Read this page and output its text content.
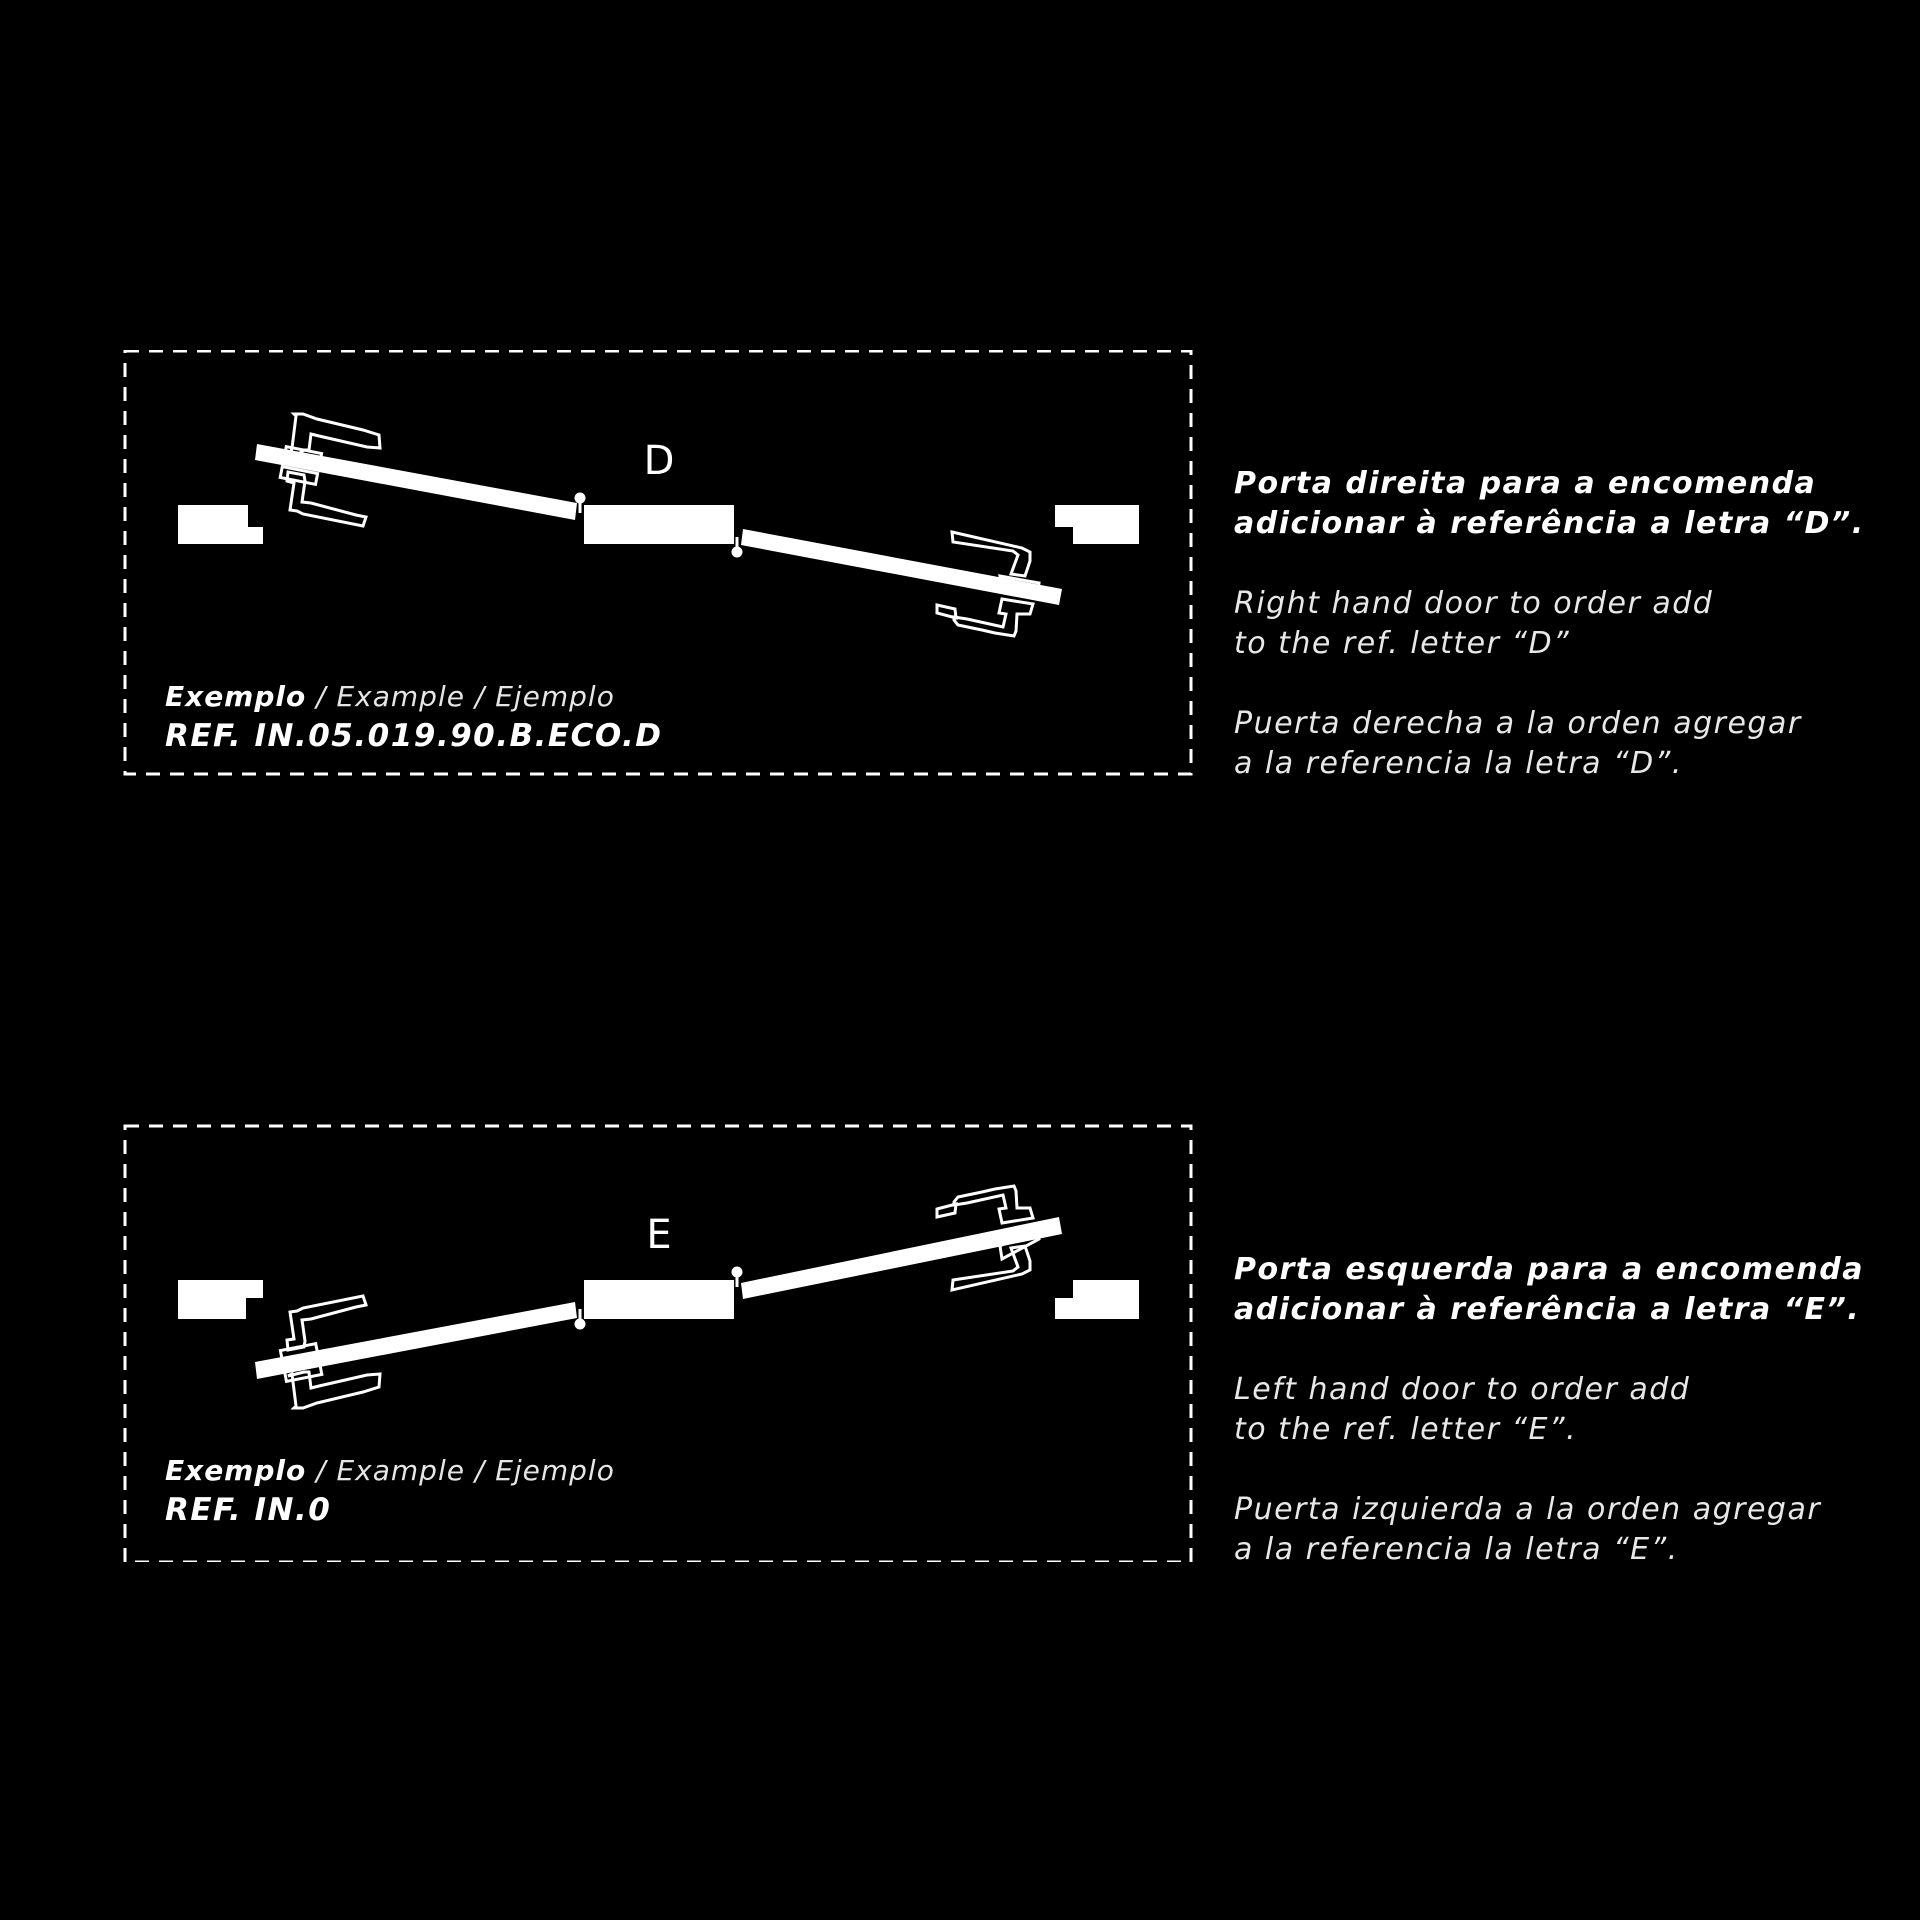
D
Exemplo / Example / Ejemplo
REF. IN.05.019.90.B.ECO.D

Porta direita para a encomenda

adicionar à referência a letra “D”.

Right hand door to order add

to the ref. letter “D”

Puerta derecha a la orden agregar

a la referencia la letra “D”.

E
Exemplo / Example / Ejemplo
REF. IN.0

Porta esquerda para a encomenda

adicionar à referência a letra “E”.

Left hand door to order add

to the ref. letter “E”.

Puerta izquierda a la orden agregar

a la referencia la letra “E”.
